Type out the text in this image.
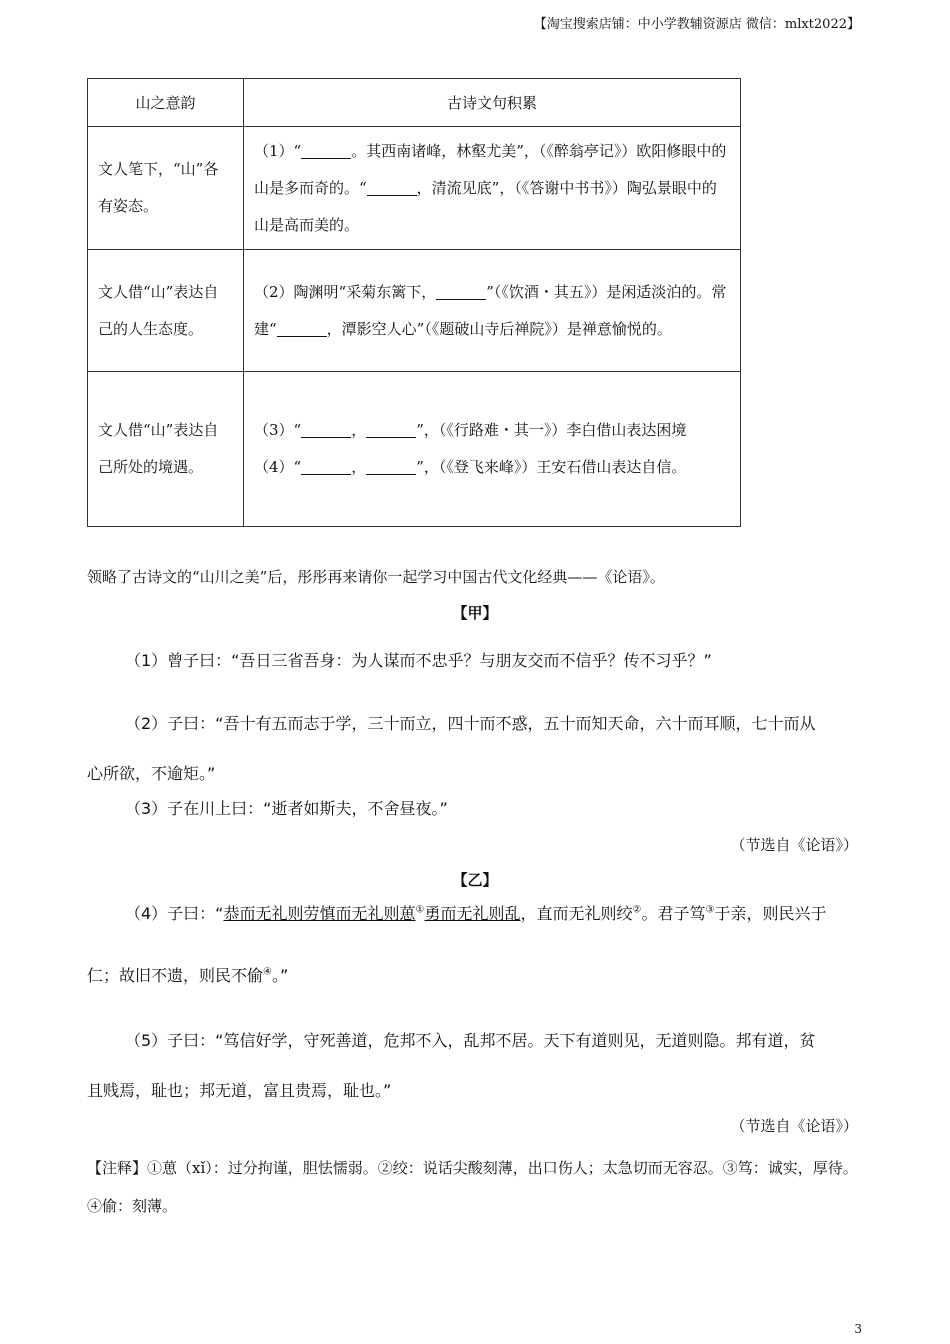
【淘宝搜索店铺：中小学教辅资源店 微信：mlxt2022】
山之意韵	古诗文句积累
文人笔下，“山”各有姿态。	（1）“ 。其西南诸峰，林壑尤美”，（《醉翁亭记》）欧阳修眼中的山是多而奇的。“ ，清流见底”，（《答谢中书书》）陶弘景眼中的山是高而美的。
文人借“山”表达自己的人生态度。	（2）陶渊明“采菊东篱下， ”（《饮酒・其五》）是闲适淡泊的。常建“ ，潭影空人心”（《题破山寺后禅院》）是禅意愉悦的。
文人借“山”表达自己所处的境遇。	（3）“ ， ”，（《行路难・其一》）李白借山表达困境
（4）“ ， ”，（《登飞来峰》）王安石借山表达自信。
领略了古诗文的“山川之美”后，彤彤再来请你一起学习中国古代文化经典——《论语》。
【甲】
（1）曾子曰：“吾日三省吾身：为人谋而不忠乎？与朋友交而不信乎？传不习乎？”
（2）子曰：“吾十有五而志于学，三十而立，四十而不惑，五十而知天命，六十而耳顺，七十而从
心所欲，不逾矩。”
（3）子在川上曰：“逝者如斯夫，不舍昼夜。”
（节选自《论语》）
【乙】
（4）子曰：“恭而无礼则劳慎而无礼则葸①勇而无礼则乱，直而无礼则绞②。君子笃③于亲，则民兴于
仁；故旧不遗，则民不偷④。”
（5）子曰：“笃信好学，守死善道，危邦不入，乱邦不居。天下有道则见，无道则隐。邦有道，贫
且贱焉，耻也；邦无道，富且贵焉，耻也。”
（节选自《论语》）
【注释】①葸（xǐ）：过分拘谨，胆怯懦弱。②绞：说话尖酸刻薄，出口伤人；太急切而无容忍。③笃：诚实，厚待。④偷：刻薄。
3
